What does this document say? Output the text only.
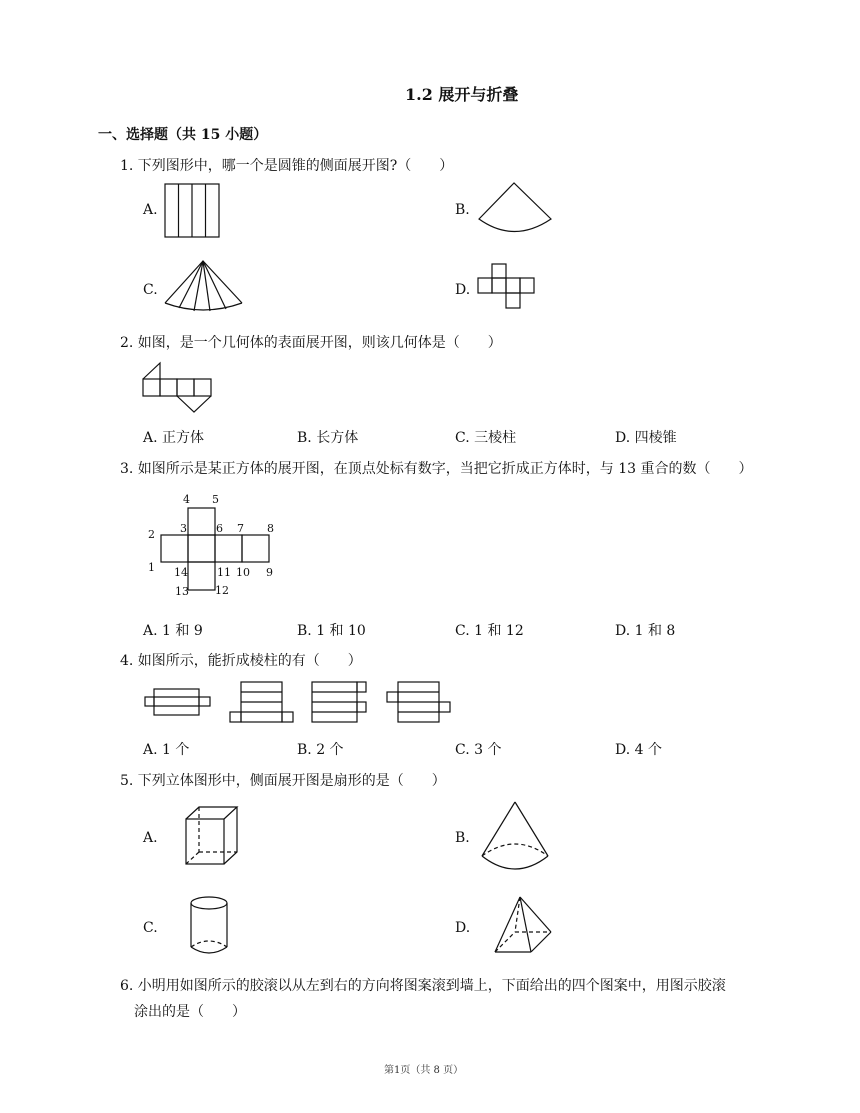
1.2 展开与折叠
一、选择题（共 15 小题）
1. 下列图形中，哪一个是圆锥的侧面展开图?（　　）
A.	B.
C.	D.
2. 如图，是一个几何体的表面展开图，则该几何体是（　　）
A. 正方体	B. 长方体	C. 三棱柱	D. 四棱锥
3. 如图所示是某正方体的展开图，在顶点处标有数字，当把它折成正方体时，与 13 重合的数（　　）
4 5
3	6 7 8
2
1 14	11 10 9
13 12
A. 1 和 9	B. 1 和 10	C. 1 和 12	D. 1 和 8
4. 如图所示，能折成棱柱的有（　　）
A. 1 个	B. 2 个	C. 3 个	D. 4 个
5. 下列立体图形中，侧面展开图是扇形的是（　　）
A.	B.
C.	D.
6. 小明用如图所示的胶滚以从左到右的方向将图案滚到墙上，下面给出的四个图案中，用图示胶滚
涂出的是（　　）
第1页（共 8 页）
